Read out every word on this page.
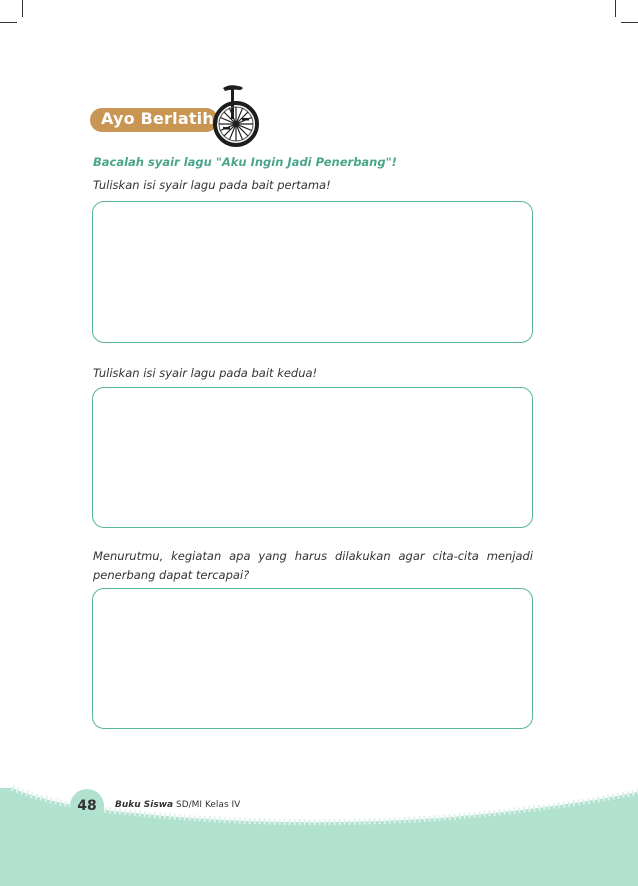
Ayo Berlatih
Bacalah syair lagu "Aku Ingin Jadi Penerbang"!
Tuliskan isi syair lagu pada bait pertama!
Tuliskan isi syair lagu pada bait kedua!
Menurutmu, kegiatan apa yang harus dilakukan agar cita-cita menjadi penerbang dapat tercapai?
48 Buku Siswa SD/MI Kelas IV
